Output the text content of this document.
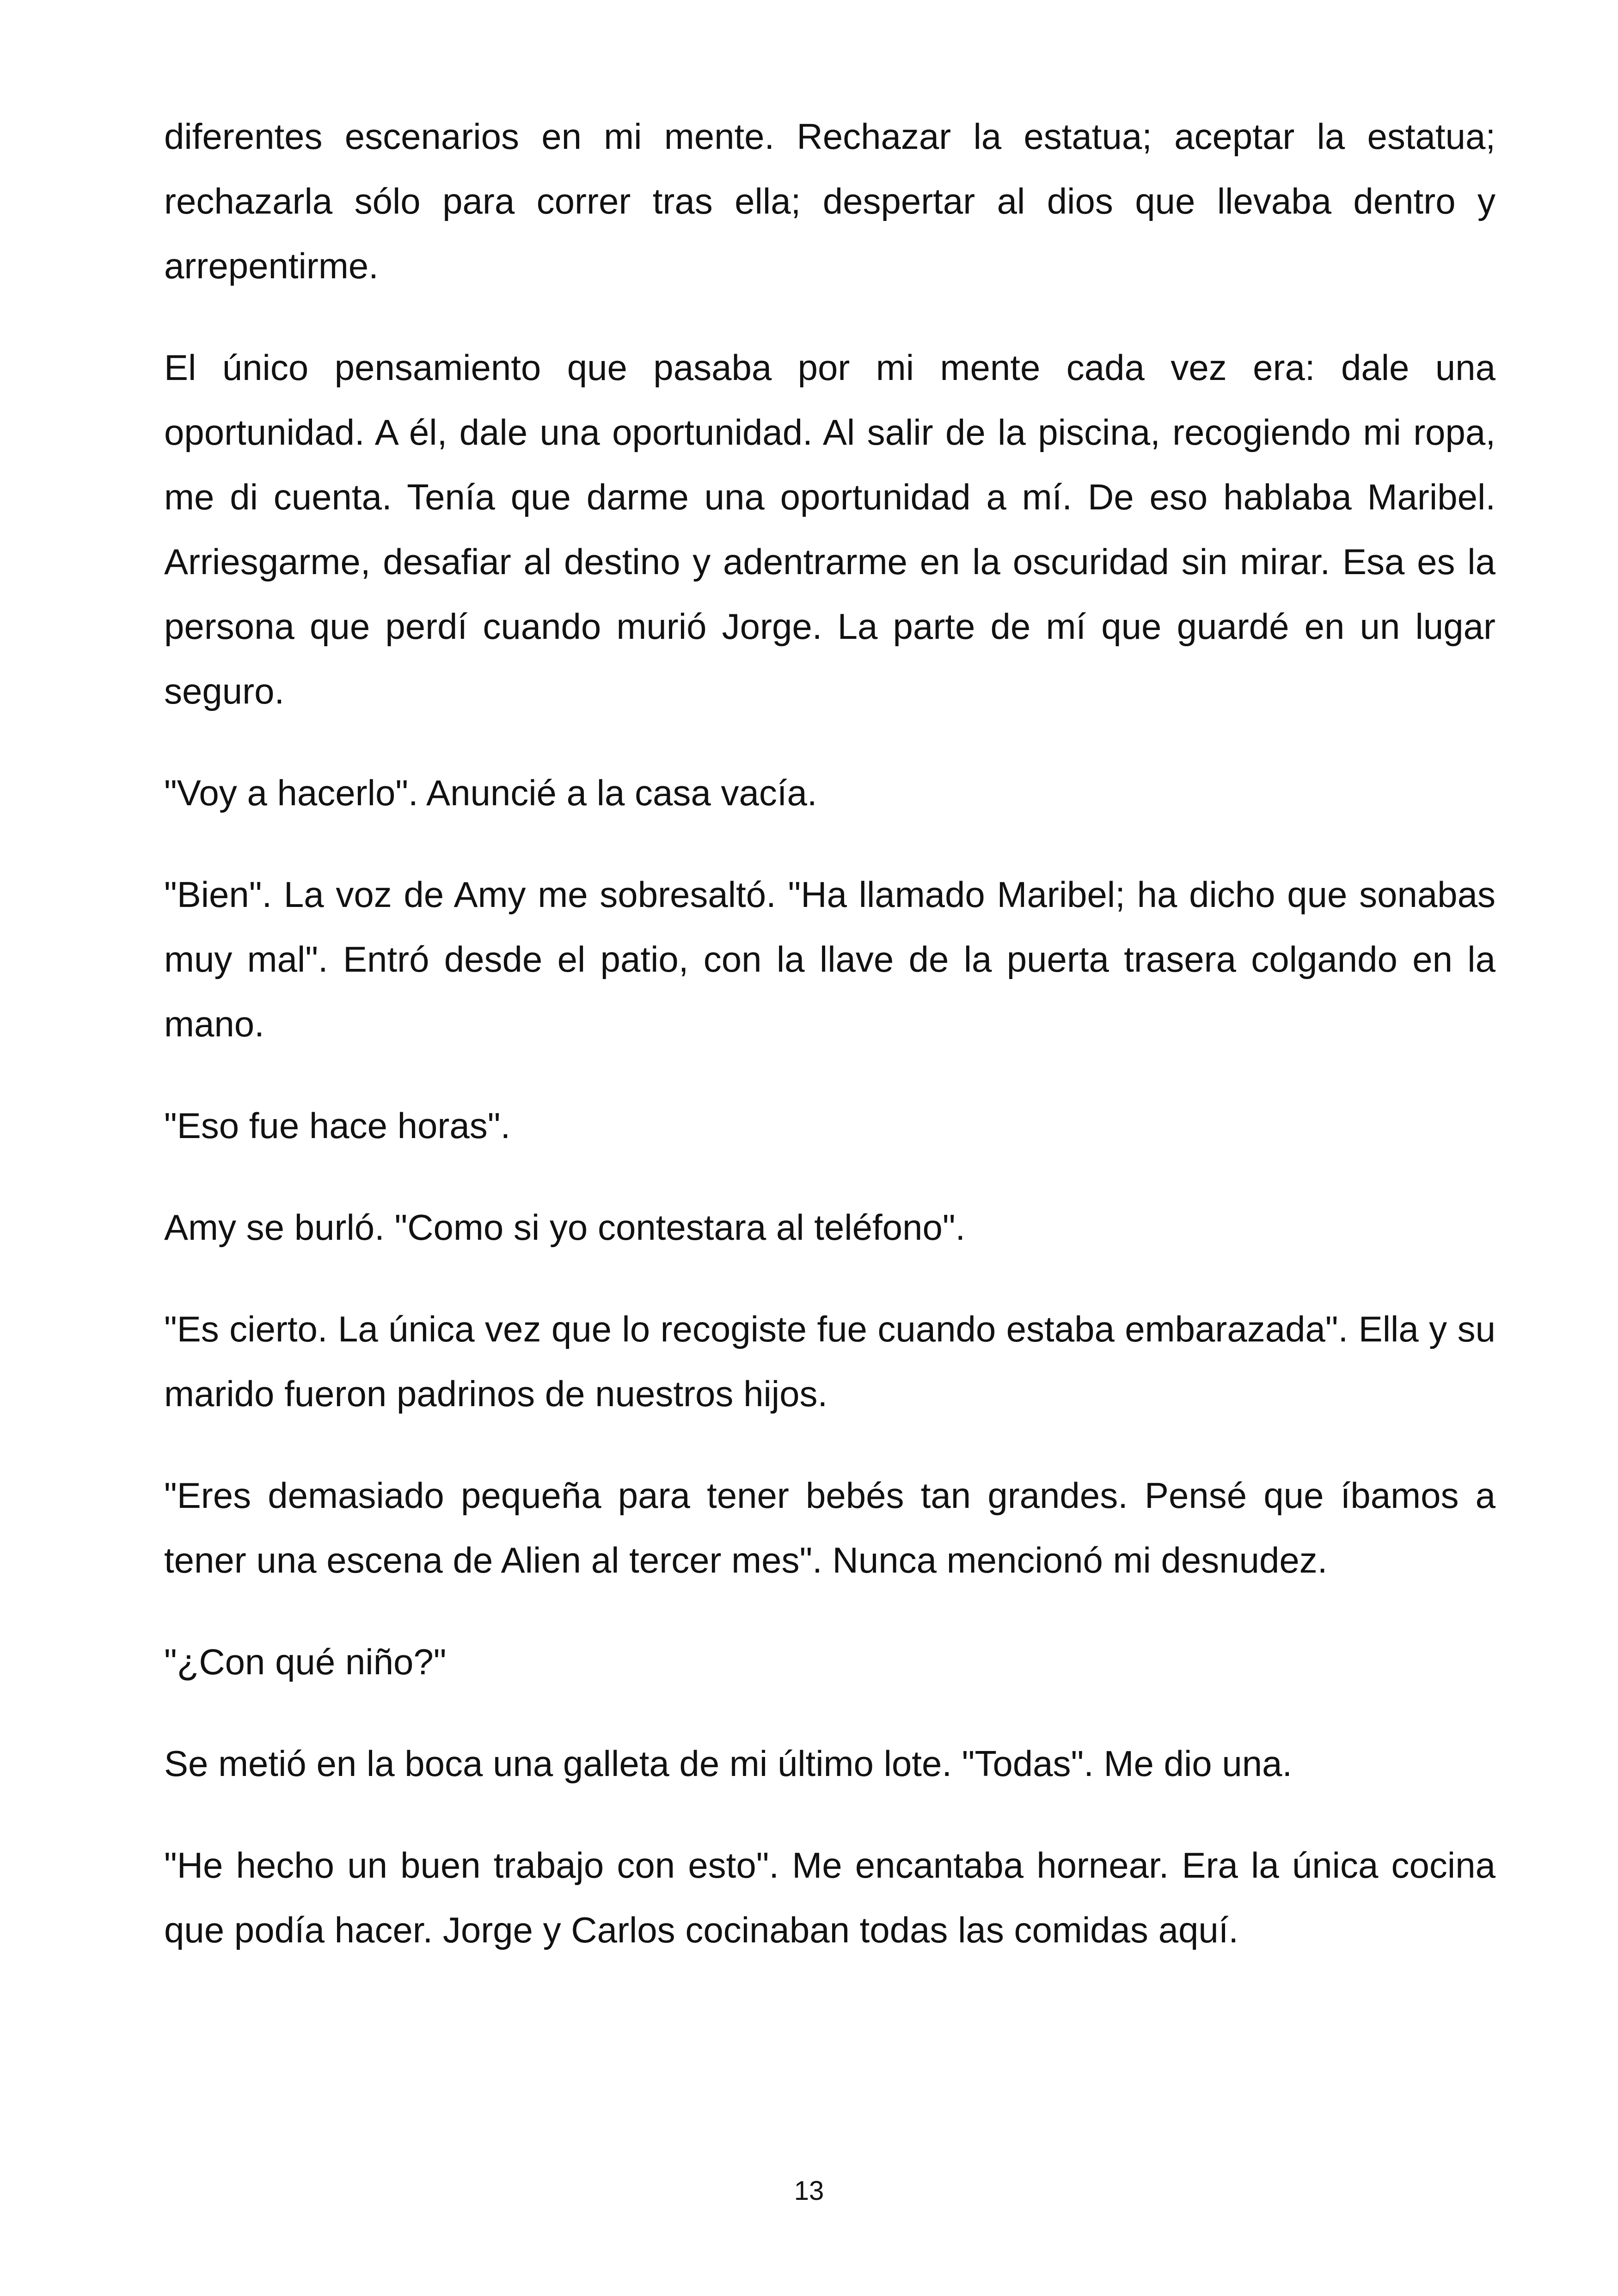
diferentes escenarios en mi mente. Rechazar la estatua; aceptar la estatua; rechazarla sólo para correr tras ella; despertar al dios que llevaba dentro y arrepentirme.

El único pensamiento que pasaba por mi mente cada vez era: dale una oportunidad. A él, dale una oportunidad. Al salir de la piscina, recogiendo mi ropa, me di cuenta. Tenía que darme una oportunidad a mí. De eso hablaba Maribel. Arriesgarme, desafiar al destino y adentrarme en la oscuridad sin mirar. Esa es la persona que perdí cuando murió Jorge. La parte de mí que guardé en un lugar seguro.

"Voy a hacerlo". Anuncié a la casa vacía.

"Bien". La voz de Amy me sobresaltó. "Ha llamado Maribel; ha dicho que sonabas muy mal". Entró desde el patio, con la llave de la puerta trasera colgando en la mano.

"Eso fue hace horas".

Amy se burló. "Como si yo contestara al teléfono".

"Es cierto. La única vez que lo recogiste fue cuando estaba embarazada". Ella y su marido fueron padrinos de nuestros hijos.

"Eres demasiado pequeña para tener bebés tan grandes. Pensé que íbamos a tener una escena de Alien al tercer mes". Nunca mencionó mi desnudez.

"¿Con qué niño?"

Se metió en la boca una galleta de mi último lote. "Todas". Me dio una.

"He hecho un buen trabajo con esto". Me encantaba hornear. Era la única cocina que podía hacer. Jorge y Carlos cocinaban todas las comidas aquí.

13
